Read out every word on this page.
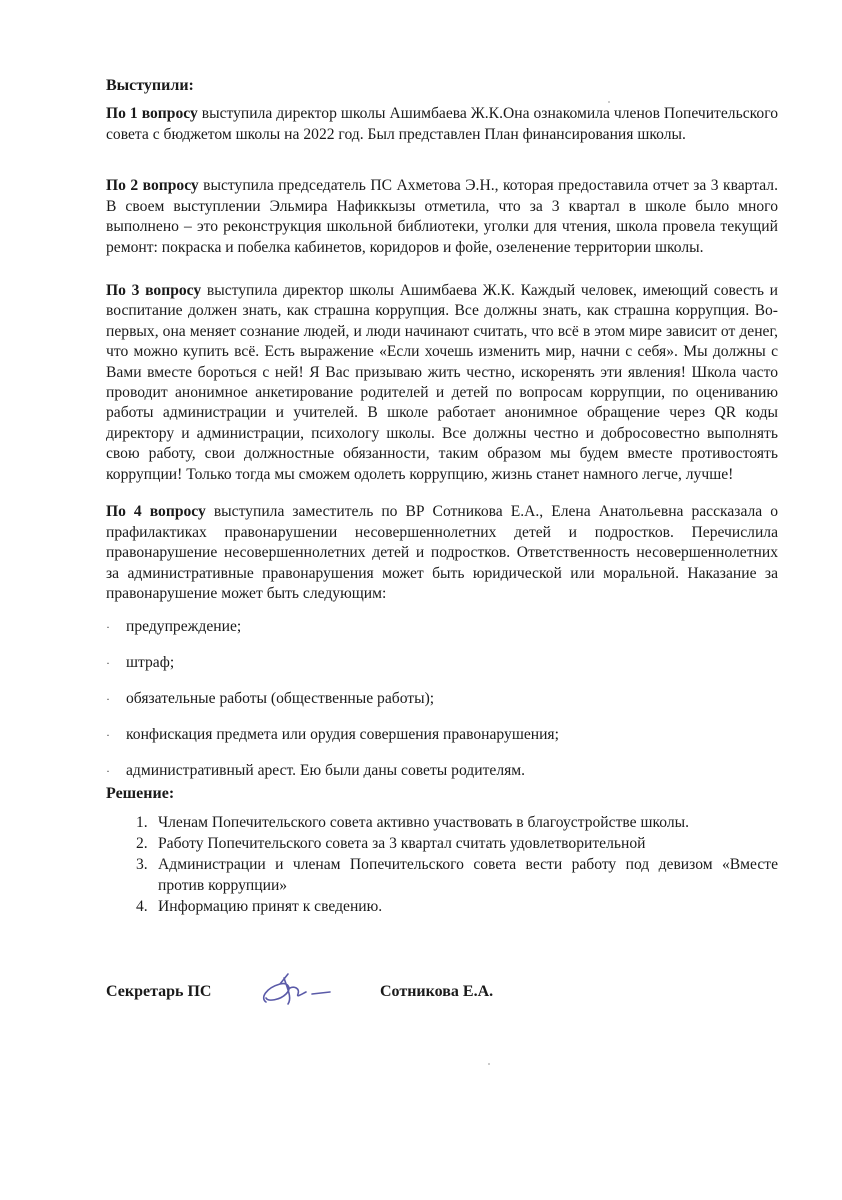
Выступили:

По 1 вопросу выступила директор школы Ашимбаева Ж.К.Она ознакомила членов Попечительского совета с бюджетом школы на 2022 год. Был представлен План финансирования школы.

По 2 вопросу выступила председатель ПС Ахметова Э.Н., которая предоставила отчет за 3 квартал. В своем выступлении Эльмира Нафиккызы отметила, что за 3 квартал в школе было много выполнено – это реконструкция школьной библиотеки, уголки для чтения, школа провела текущий ремонт: покраска и побелка кабинетов, коридоров и фойе, озеленение территории школы.

По 3 вопросу выступила директор школы Ашимбаева Ж.К. Каждый человек, имеющий совесть и воспитание должен знать, как страшна коррупция. Все должны знать, как страшна коррупция. Во-первых, она меняет сознание людей, и люди начинают считать, что всё в этом мире зависит от денег, что можно купить всё. Есть выражение «Если хочешь изменить мир, начни с себя». Мы должны с Вами вместе бороться с ней! Я Вас призываю жить честно, искоренять эти явления! Школа часто проводит анонимное анкетирование родителей и детей по вопросам коррупции, по оцениванию работы администрации и учителей. В школе работает анонимное обращение через QR коды директору и администрации, психологу школы. Все должны честно и добросовестно выполнять свою работу, свои должностные обязанности, таким образом мы будем вместе противостоять коррупции! Только тогда мы сможем одолеть коррупцию, жизнь станет намного легче, лучше!

По 4 вопросу выступила заместитель по ВР Сотникова Е.А., Елена Анатольевна рассказала о прафилактиках правонарушении несовершеннолетних детей и подростков. Перечислила правонарушение несовершеннолетних детей и подростков. Ответственность несовершеннолетних за административные правонарушения может быть юридической или моральной. Наказание за правонарушение может быть следующим:

· предупреждение;
· штраф;
· обязательные работы (общественные работы);
· конфискация предмета или орудия совершения правонарушения;
· административный арест. Ею были даны советы родителям.
Решение:
1. Членам Попечительского совета активно участвовать в благоустройстве школы.
2. Работу Попечительского совета за 3 квартал считать удовлетворительной
3. Администрации и членам Попечительского совета вести работу под девизом «Вместе против коррупции»
4. Информацию принят к сведению.
Секретарь ПС	Сотникова Е.А.
